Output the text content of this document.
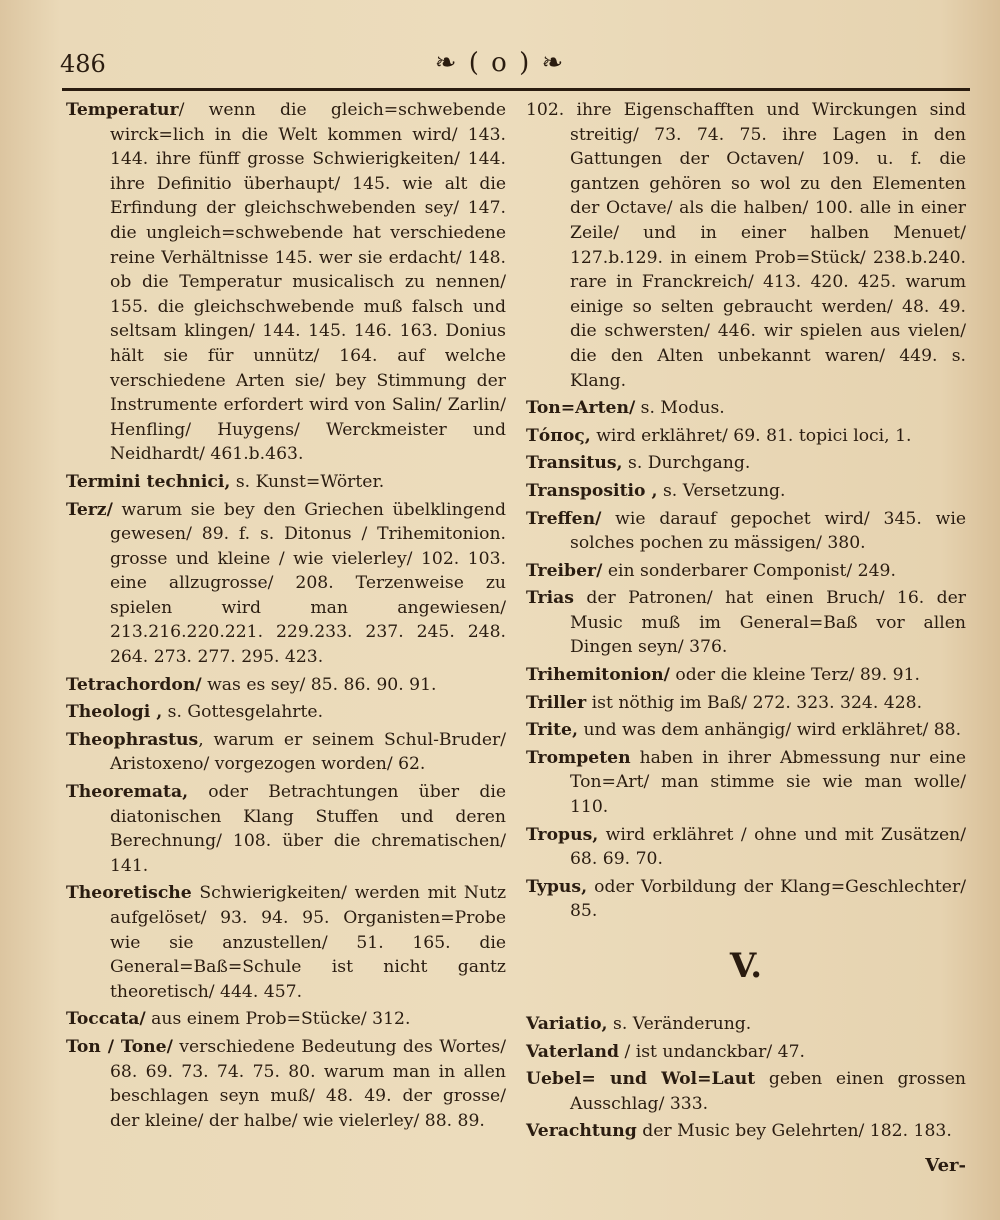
486	❧ ( o ) ❧
Temperatur/ wenn die gleich=schwebende wirck=lich in die Welt kommen wird/ 143. 144. ihre fünff grosse Schwierigkeiten/ 144. ihre Definitio überhaupt/ 145. wie alt die Erfindung der gleichschwebenden sey/ 147. die ungleich=schwebende hat verschiedene reine Verhältnisse 145. wer sie erdacht/ 148. ob die Temperatur musicalisch zu nennen/ 155. die gleichschwebende muß falsch und seltsam klingen/ 144. 145. 146. 163. Donius hält sie für unnütz/ 164. auf welche verschiedene Arten sie/ bey Stimmung der Instrumente erfordert wird von Salin/ Zarlin/ Henfling/ Huygens/ Werckmeister und Neidhardt/ 461.b.463.
Termini technici, s. Kunst=Wörter.
Terz/ warum sie bey den Griechen übelklingend gewesen/ 89. f. s. Ditonus / Trihemitonion. grosse und kleine / wie vielerley/ 102. 103. eine allzugrosse/ 208. Terzenweise zu spielen wird man angewiesen/ 213.216.220.221. 229.233. 237. 245. 248. 264. 273. 277. 295. 423.
Tetrachordon/ was es sey/ 85. 86. 90. 91.
Theologi , s. Gottesgelahrte.
Theophrastus, warum er seinem Schul-Bruder/ Aristoxeno/ vorgezogen worden/ 62.
Theoremata, oder Betrachtungen über die diatonischen Klang Stuffen und deren Berechnung/ 108. über die chrematischen/ 141.
Theoretische Schwierigkeiten/ werden mit Nutz aufgelöset/ 93. 94. 95. Organisten=Probe wie sie anzustellen/ 51. 165. die General=Baß=Schule ist nicht gantz theoretisch/ 444. 457.
Toccata/ aus einem Prob=Stücke/ 312.
Ton / Tone/ verschiedene Bedeutung des Wortes/ 68. 69. 73. 74. 75. 80. warum man in allen beschlagen seyn muß/ 48. 49. der grosse/ der kleine/ der halbe/ wie vielerley/ 88. 89.
102. ihre Eigenschafften und Wirckungen sind streitig/ 73. 74. 75. ihre Lagen in den Gattungen der Octaven/ 109. u. f. die gantzen gehören so wol zu den Elementen der Octave/ als die halben/ 100. alle in einer Zeile/ und in einer halben Menuet/ 127.b.129. in einem Prob=Stück/ 238.b.240. rare in Franckreich/ 413. 420. 425. warum einige so selten gebraucht werden/ 48. 49. die schwersten/ 446. wir spielen aus vielen/ die den Alten unbekannt waren/ 449. s. Klang.
Ton=Arten/ s. Modus.
Τόπος, wird erklähret/ 69. 81. topici loci, 1.
Transitus, s. Durchgang.
Transpositio , s. Versetzung.
Treffen/ wie darauf gepochet wird/ 345. wie solches pochen zu mässigen/ 380.
Treiber/ ein sonderbarer Componist/ 249.
Trias der Patronen/ hat einen Bruch/ 16. der Music muß im General=Baß vor allen Dingen seyn/ 376.
Trihemitonion/ oder die kleine Terz/ 89. 91.
Triller ist nöthig im Baß/ 272. 323. 324. 428.
Trite, und was dem anhängig/ wird erklähret/ 88.
Trompeten haben in ihrer Abmessung nur eine Ton=Art/ man stimme sie wie man wolle/ 110.
Tropus, wird erklähret / ohne und mit Zusätzen/ 68. 69. 70.
Typus, oder Vorbildung der Klang=Geschlechter/ 85.
V.
Variatio, s. Veränderung.
Vaterland / ist undanckbar/ 47.
Uebel= und Wol=Laut geben einen grossen Ausschlag/ 333.
Verachtung der Music bey Gelehrten/ 182. 183.
Ver-
